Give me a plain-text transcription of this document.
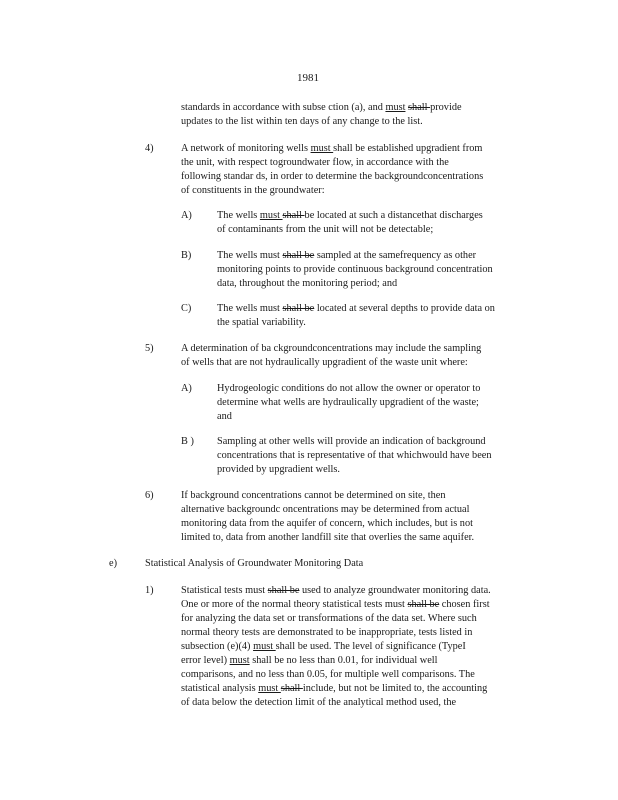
1981
standards in accordance with subse ction (a), and must shall provide
updates to the list within ten days of any change to the list.
4)	A network of monitoring wells must shall be established upgradient from
the unit, with respect togroundwater flow, in accordance with the
following standar ds, in order to determine the backgroundconcentrations
of constituents in the groundwater:
A) The wells must shall be located at such a distancethat discharges
of contaminants from the unit will not be detectable;
B) The wells must shall be sampled at the samefrequency as other
monitoring points to provide continuous background concentration
data, throughout the monitoring period; and
C) The wells must shall be located at several depths to provide data on
the spatial variability.
5)	A determination of ba ckgroundconcentrations may include the sampling
of wells that are not hydraulically upgradient of the waste unit where:
A) Hydrogeologic conditions do not allow the owner or operator to
determine what wells are hydraulically upgradient of the waste;
and
B ) Sampling at other wells will provide an indication of background
concentrations that is representative of that whichwould have been
provided by upgradient wells.
6)	If background concentrations cannot be determined on site, then
alternative backgroundc oncentrations may be determined from actual
monitoring data from the aquifer of concern, which includes, but is not
limited to, data from another landfill site that overlies the same aquifer.
e)	Statistical Analysis of Groundwater Monitoring Data
1)	Statistical tests must shall be used to analyze groundwater monitoring data.
One or more of the normal theory statistical tests must shall be chosen first
for analyzing the data set or transformations of the data set. Where such
normal theory tests are demonstrated to be inappropriate, tests listed in
subsection (e)(4) must shall be used. The level of significance (TypeI
error level) must shall be no less than 0.01, for individual well
comparisons, and no less than 0.05, for multiple well comparisons. The
statistical analysis must shall include, but not be limited to, the accounting
of data below the detection limit of the analytical method used, the
